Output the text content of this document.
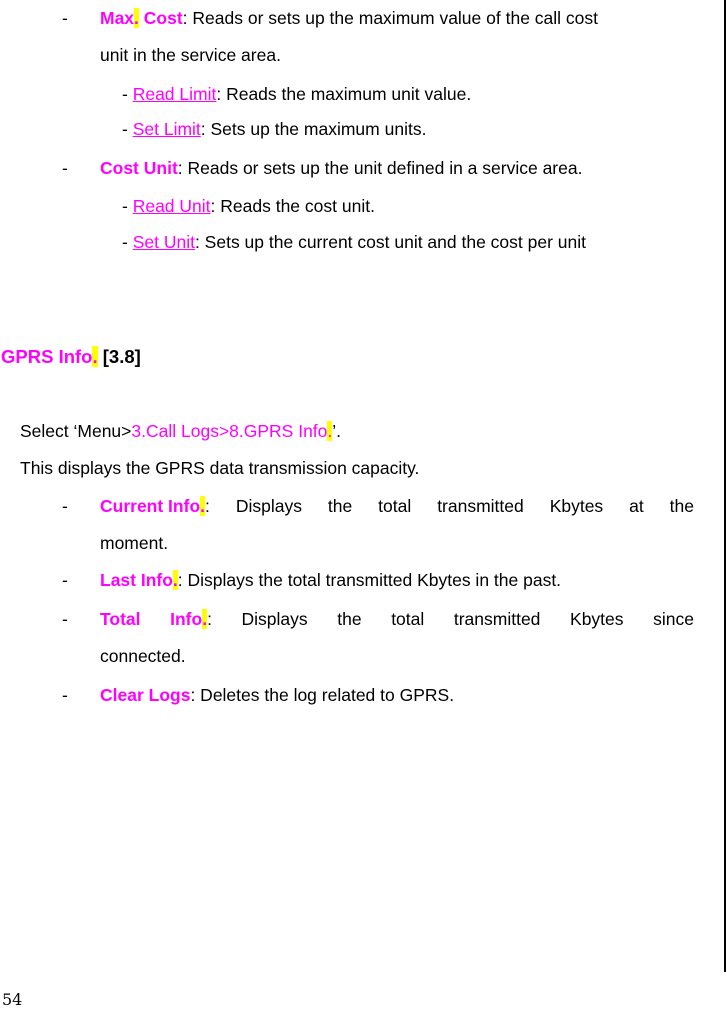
- Max. Cost: Reads or sets up the maximum value of the call cost
unit in the service area.
- Read Limit: Reads the maximum unit value.
- Set Limit: Sets up the maximum units.
- Cost Unit: Reads or sets up the unit defined in a service area.
- Read Unit: Reads the cost unit.
- Set Unit: Sets up the current cost unit and the cost per unit
GPRS Info. [3.8]
Select ‘Menu>3.Call Logs>8.GPRS Info.’.
This displays the GPRS data transmission capacity.
- Current Info.: Displays the total transmitted Kbytes at the
moment.
- Last Info.: Displays the total transmitted Kbytes in the past.
- Total Info.: Displays the total transmitted Kbytes since
connected.
- Clear Logs: Deletes the log related to GPRS.
54
